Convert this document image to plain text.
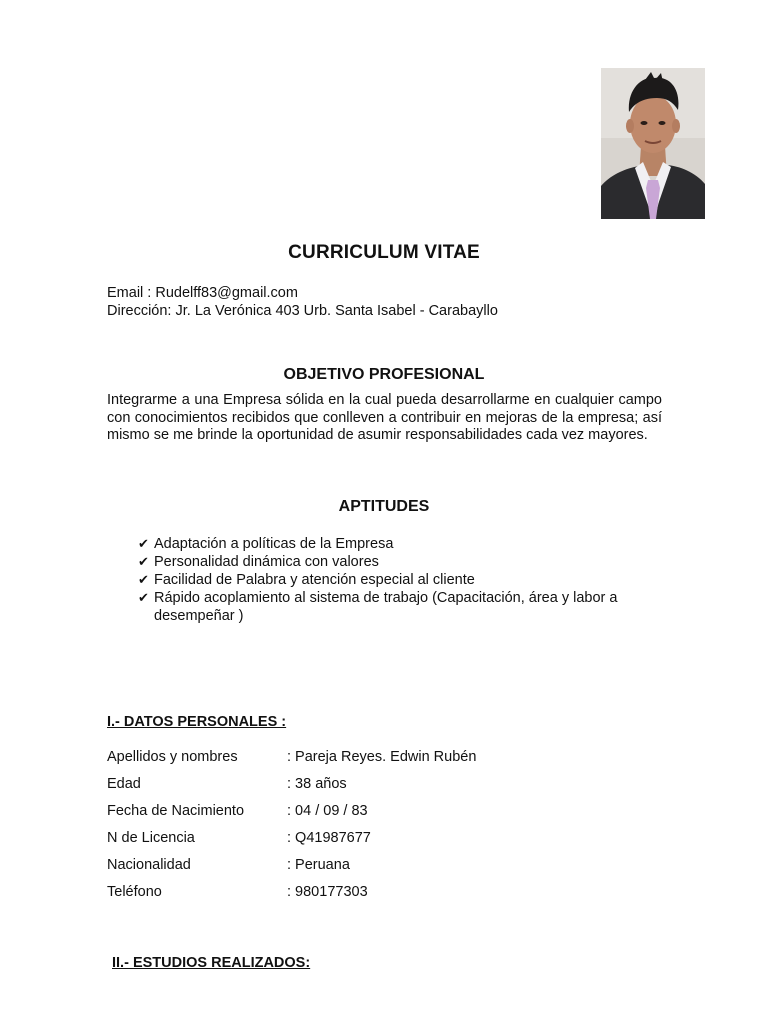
CURRICULUM VITAE
Email : Rudelff83@gmail.com
Dirección: Jr. La Verónica 403 Urb. Santa Isabel - Carabayllo
OBJETIVO PROFESIONAL
Integrarme a una Empresa sólida en la cual pueda desarrollarme en cualquier campo con conocimientos recibidos que conlleven a contribuir en mejoras de la empresa; así mismo se me brinde la oportunidad de asumir responsabilidades cada vez mayores.
APTITUDES
✔ Adaptación a políticas de la Empresa
✔ Personalidad dinámica con valores
✔ Facilidad de Palabra y atención especial al cliente
✔ Rápido acoplamiento al sistema de trabajo (Capacitación, área y labor a desempeñar )
I.- DATOS PERSONALES :
Apellidos y nombres	: Pareja Reyes. Edwin Rubén
Edad	: 38 años
Fecha de Nacimiento	: 04 / 09 / 83
N de Licencia	: Q41987677
Nacionalidad	: Peruana
Teléfono	: 980177303
II.- ESTUDIOS REALIZADOS:
